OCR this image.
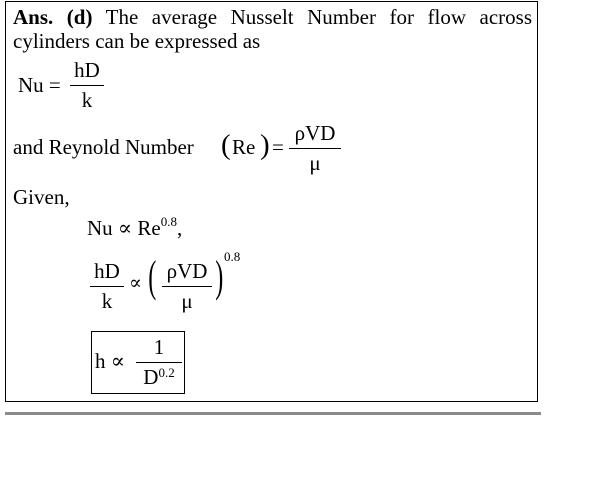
Ans. (d) The average Nusselt Number for flow across
cylinders can be expressed as
Nu =
hD
k
and Reynold Number ( Re ) =
ρVD
μ
Given,
$Nu \propto Re^{0.8}$,
hD
k
∝ ( ρVD
μ ) 0.8
h ∝
1
$D^{0.2}$
